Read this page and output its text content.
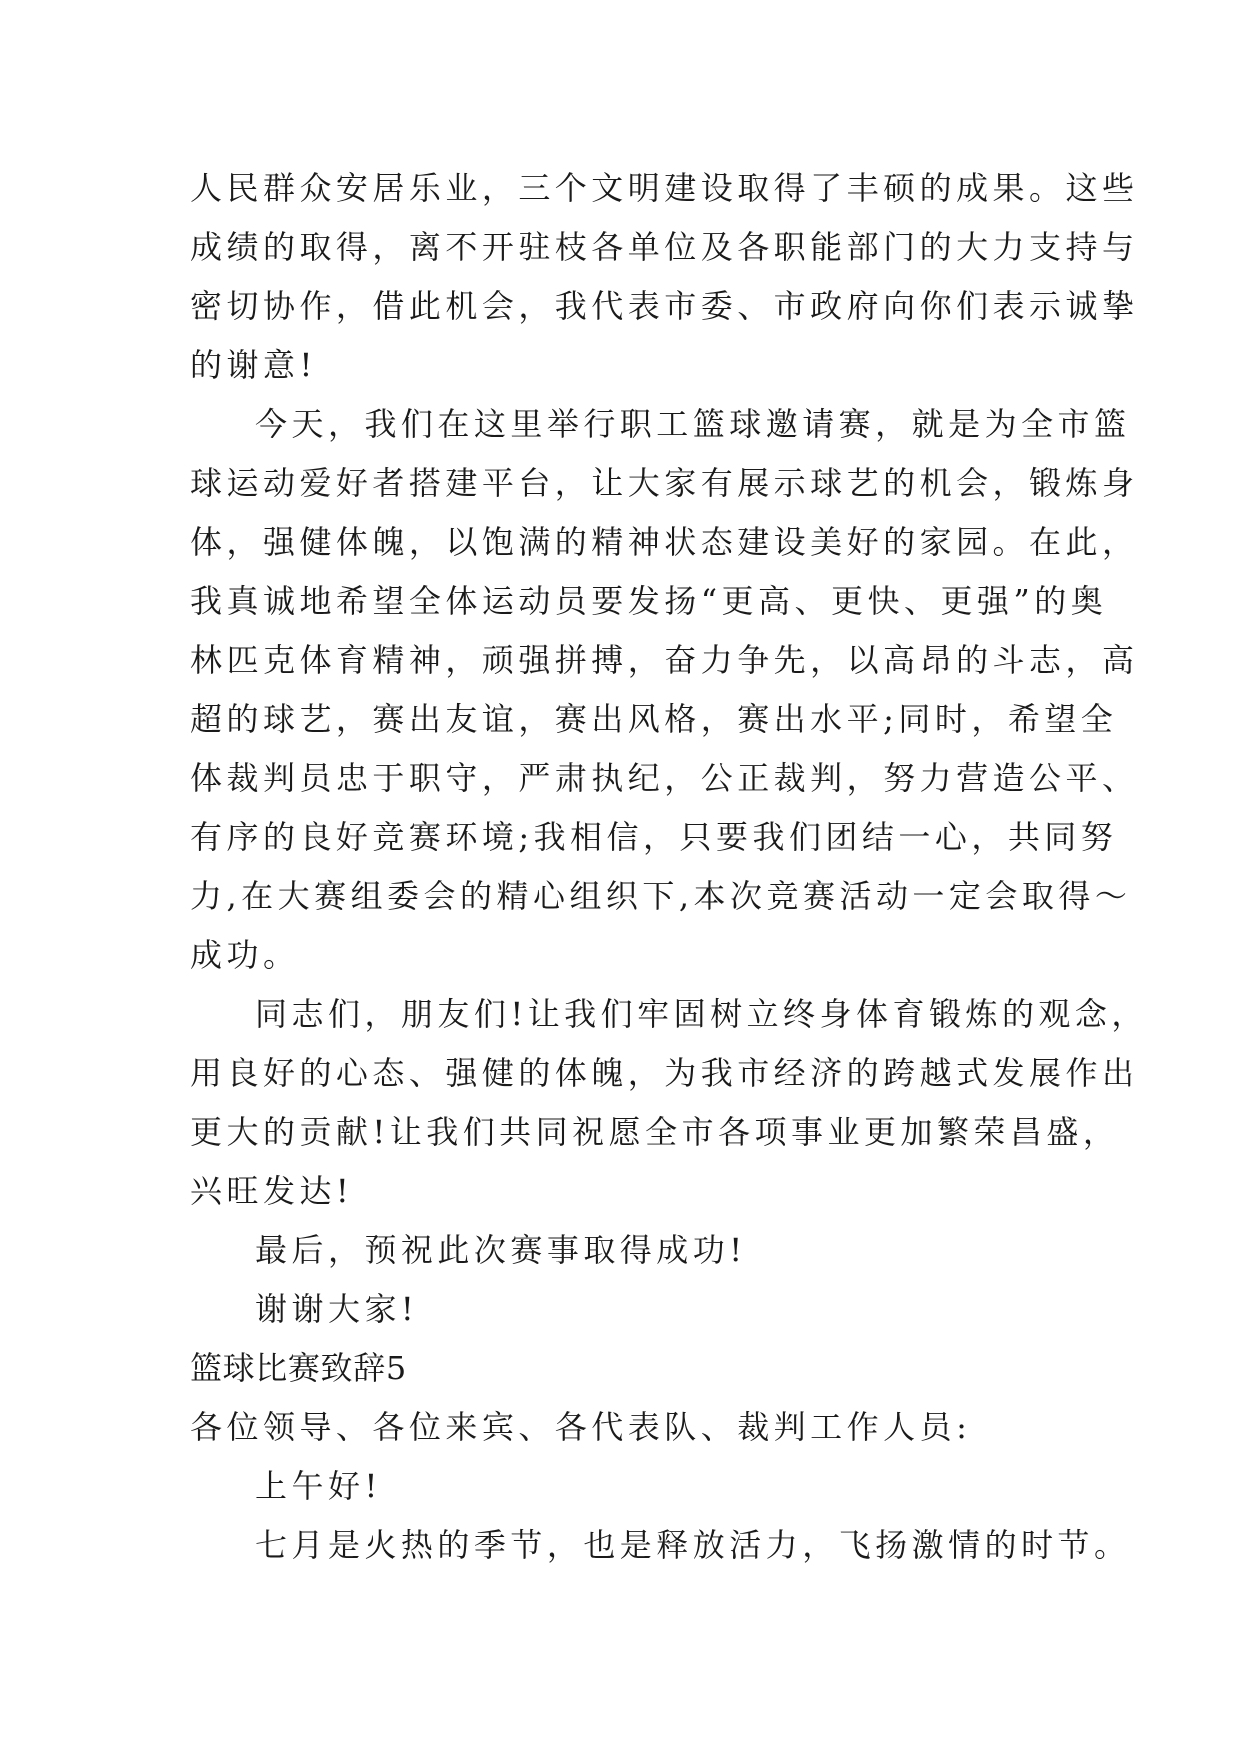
人民群众安居乐业，三个文明建设取得了丰硕的成果。这些
成绩的取得，离不开驻枝各单位及各职能部门的大力支持与
密切协作，借此机会，我代表市委、市政府向你们表示诚挚
的谢意!
今天，我们在这里举行职工篮球邀请赛，就是为全市篮
球运动爱好者搭建平台，让大家有展示球艺的机会，锻炼身
体，强健体魄，以饱满的精神状态建设美好的家园。在此，
我真诚地希望全体运动员要发扬“更高、更快、更强”的奥
林匹克体育精神，顽强拼搏，奋力争先，以高昂的斗志，高
超的球艺，赛出友谊，赛出风格，赛出水平;同时，希望全
体裁判员忠于职守，严肃执纪，公正裁判，努力营造公平、
有序的良好竞赛环境;我相信，只要我们团结一心，共同努
力,在大赛组委会的精心组织下,本次竞赛活动一定会取得～
成功。
同志们，朋友们!让我们牢固树立终身体育锻炼的观念，
用良好的心态、强健的体魄，为我市经济的跨越式发展作出
更大的贡献!让我们共同祝愿全市各项事业更加繁荣昌盛，
兴旺发达!
最后，预祝此次赛事取得成功!
谢谢大家!
篮球比赛致辞5
各位领导、各位来宾、各代表队、裁判工作人员:
上午好!
七月是火热的季节，也是释放活力，飞扬激情的时节。
